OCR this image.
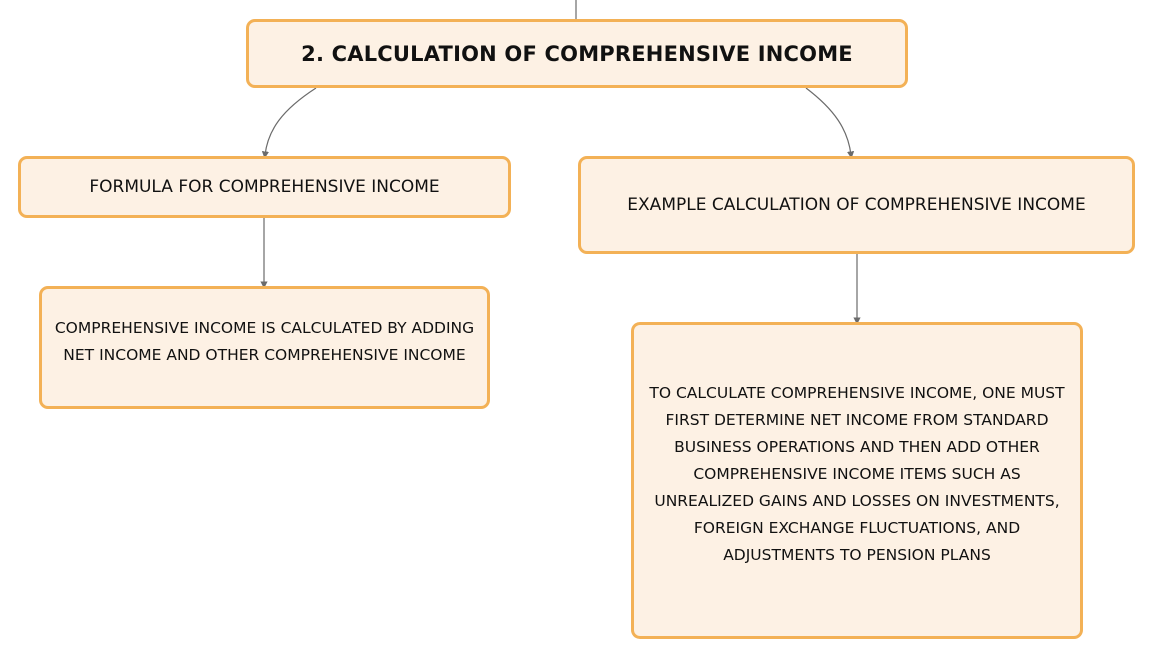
2. CALCULATION OF COMPREHENSIVE INCOME
FORMULA FOR COMPREHENSIVE INCOME
EXAMPLE CALCULATION OF COMPREHENSIVE INCOME
COMPREHENSIVE INCOME IS CALCULATED BY ADDING NET INCOME AND OTHER COMPREHENSIVE INCOME
TO CALCULATE COMPREHENSIVE INCOME, ONE MUST FIRST DETERMINE NET INCOME FROM STANDARD BUSINESS OPERATIONS AND THEN ADD OTHER COMPREHENSIVE INCOME ITEMS SUCH AS UNREALIZED GAINS AND LOSSES ON INVESTMENTS, FOREIGN EXCHANGE FLUCTUATIONS, AND ADJUSTMENTS TO PENSION PLANS
